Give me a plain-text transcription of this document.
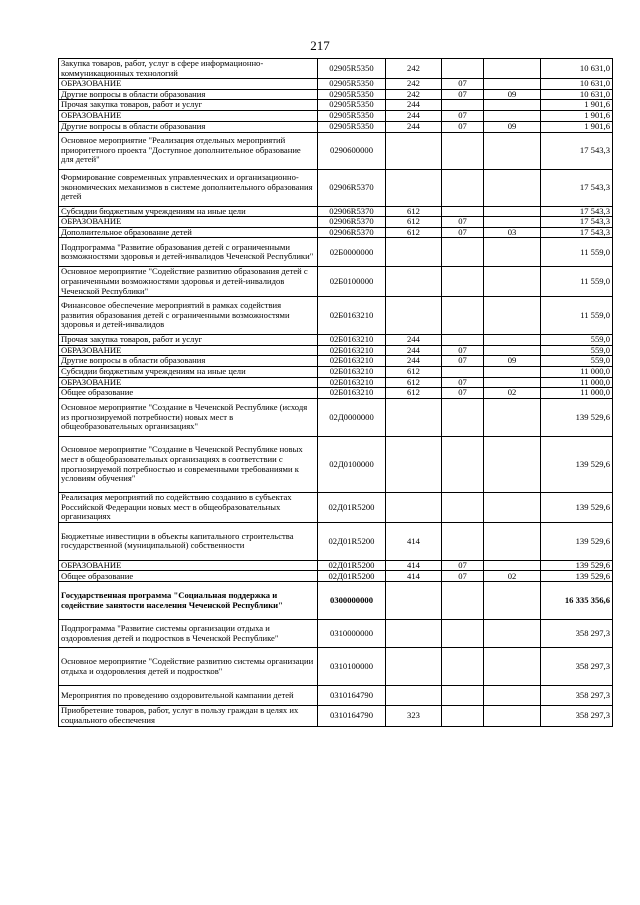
217
Закупка товаров, работ, услуг в сфере информационно-коммуникационных технологий	02905R5350	242			10 631,0
ОБРАЗОВАНИЕ	02905R5350	242	07		10 631,0
Другие вопросы в области образования	02905R5350	242	07	09	10 631,0
Прочая закупка товаров, работ и услуг	02905R5350	244			1 901,6
ОБРАЗОВАНИЕ	02905R5350	244	07		1 901,6
Другие вопросы в области образования	02905R5350	244	07	09	1 901,6
Основное мероприятие "Реализация отдельных мероприятий приоритетного проекта "Доступное дополнительное образование для детей"	0290600000				17 543,3
Формирование современных управленческих и организационно-экономических механизмов в системе дополнительного образования детей	02906R5370				17 543,3
Субсидии бюджетным учреждениям на иные цели	02906R5370	612			17 543,3
ОБРАЗОВАНИЕ	02906R5370	612	07		17 543,3
Дополнительное образование детей	02906R5370	612	07	03	17 543,3
Подпрограмма "Развитие образования детей с ограниченными возможностями здоровья и детей-инвалидов Чеченской Республики"	02Б0000000				11 559,0
Основное мероприятие "Содействие развитию образования детей с ограниченными возможностями здоровья и детей-инвалидов Чеченской Республики"	02Б0100000				11 559,0
Финансовое обеспечение мероприятий в рамках содействия развития образования детей с ограниченными возможностями здоровья и детей-инвалидов	02Б0163210				11 559,0
Прочая закупка товаров, работ и услуг	02Б0163210	244			559,0
ОБРАЗОВАНИЕ	02Б0163210	244	07		559,0
Другие вопросы в области образования	02Б0163210	244	07	09	559,0
Субсидии бюджетным учреждениям на иные цели	02Б0163210	612			11 000,0
ОБРАЗОВАНИЕ	02Б0163210	612	07		11 000,0
Общее образование	02Б0163210	612	07	02	11 000,0
Основное мероприятие "Создание в Чеченской Республике (исходя из прогнозируемой потребности) новых мест в общеобразовательных организациях"	02Д0000000				139 529,6
Основное мероприятие "Создание в Чеченской Республике новых мест в общеобразовательных организациях в соответствии с прогнозируемой потребностью и современными требованиями к условиям обучения"	02Д0100000				139 529,6
Реализация мероприятий по содействию созданию в субъектах Российской Федерации новых мест в общеобразовательных организациях	02Д01R5200				139 529,6
Бюджетные инвестиции в объекты капитального строительства государственной (муниципальной) собственности	02Д01R5200	414			139 529,6
ОБРАЗОВАНИЕ	02Д01R5200	414	07		139 529,6
Общее образование	02Д01R5200	414	07	02	139 529,6
Государственная программа "Социальная поддержка и содействие занятости населения Чеченской Республики"	0300000000				16 335 356,6
Подпрограмма "Развитие системы организации отдыха и оздоровления детей и подростков в Чеченской Республике"	0310000000				358 297,3
Основное мероприятие "Содействие развитию системы организации отдыха и оздоровления детей и подростков"	0310100000				358 297,3
Мероприятия по проведению оздоровительной кампании детей	0310164790				358 297,3
Приобретение товаров, работ, услуг в пользу граждан в целях их социального обеспечения	0310164790	323			358 297,3
